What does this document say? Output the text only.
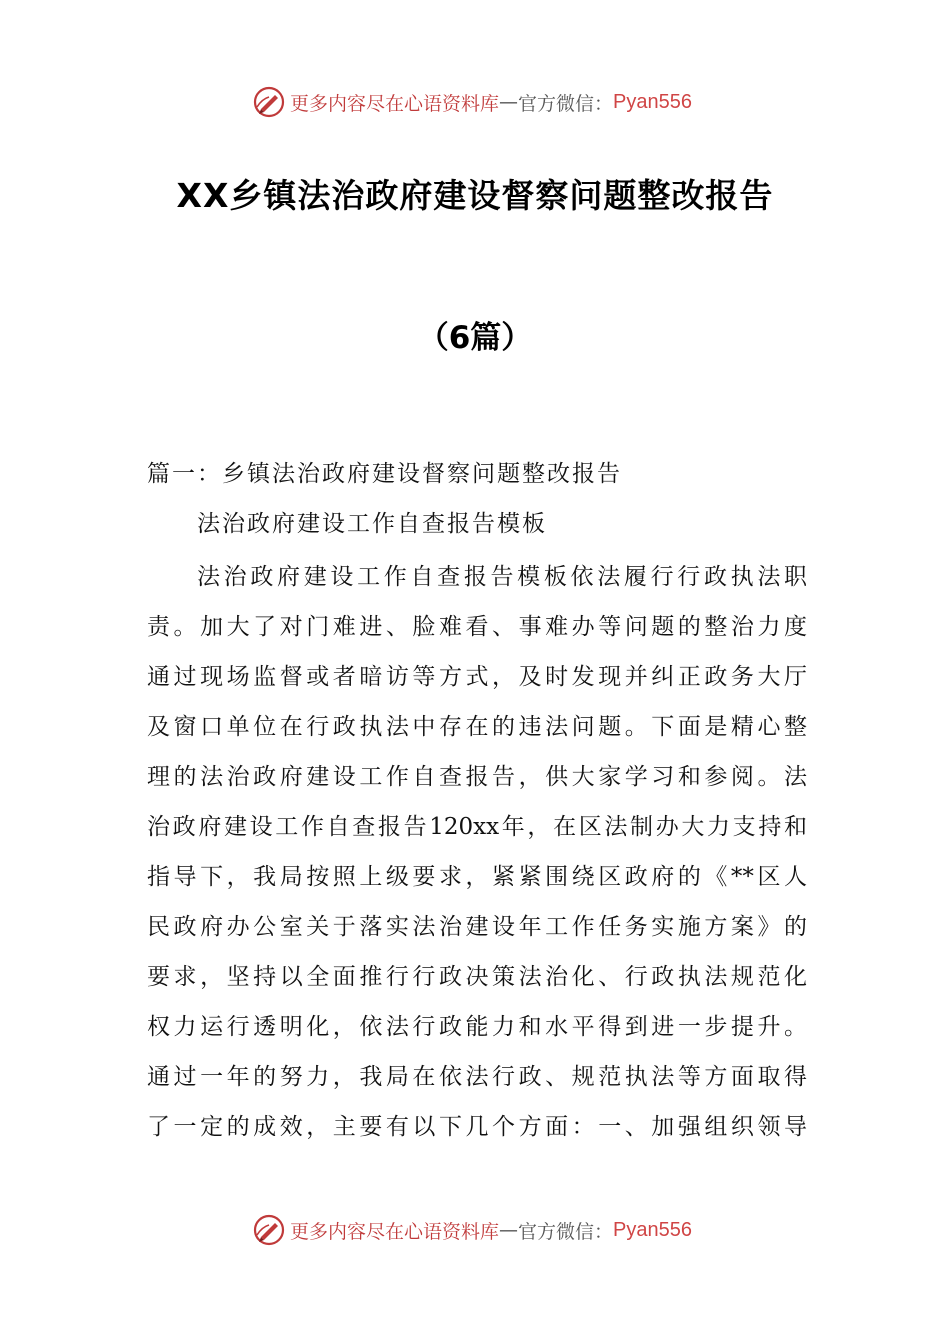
更多内容尽在心语资料库 — 官方微信： Pyan556
XX乡镇法治政府建设督察问题整改报告
（6篇）
篇一：乡镇法治政府建设督察问题整改报告
法治政府建设工作自查报告模板
法治政府建设工作自查报告模板依法履行行政执法职
责。加大了对门难进、脸难看、事难办等问题的整治力度
通过现场监督或者暗访等方式，及时发现并纠正政务大厅
及窗口单位在行政执法中存在的违法问题。下面是精心整
理的法治政府建设工作自查报告，供大家学习和参阅。法
治政府建设工作自查报告120xx年，在区法制办大力支持和
指导下，我局按照上级要求，紧紧围绕区政府的《**区人
民政府办公室关于落实法治建设年工作任务实施方案》的
要求，坚持以全面推行行政决策法治化、行政执法规范化
权力运行透明化，依法行政能力和水平得到进一步提升。
通过一年的努力，我局在依法行政、规范执法等方面取得
了一定的成效，主要有以下几个方面：一、加强组织领导
更多内容尽在心语资料库 — 官方微信： Pyan556
